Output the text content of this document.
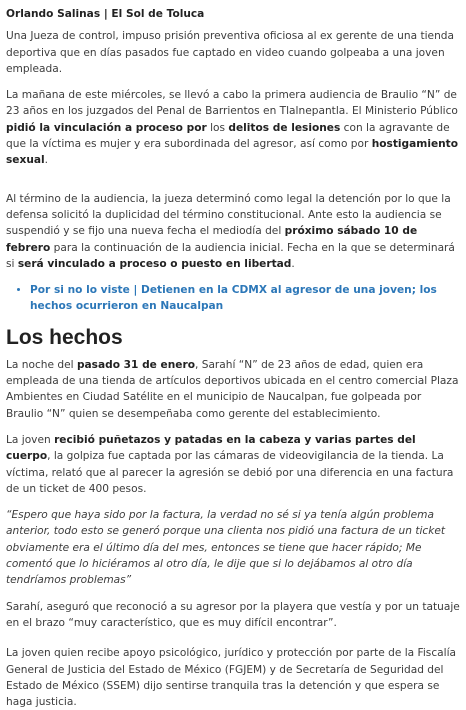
Orlando Salinas | El Sol de Toluca

Una Jueza de control, impuso prisión preventiva oficiosa al ex gerente de una tienda deportiva que en días pasados fue captado en video cuando golpeaba a una joven empleada.

La mañana de este miércoles, se llevó a cabo la primera audiencia de Braulio “N” de 23 años en los juzgados del Penal de Barrientos en Tlalnepantla. El Ministerio Público pidió la vinculación a proceso por los delitos de lesiones con la agravante de que la víctima es mujer y era subordinada del agresor, así como por hostigamiento sexual.

Al término de la audiencia, la jueza determinó como legal la detención por lo que la defensa solicitó la duplicidad del término constitucional. Ante esto la audiencia se suspendió y se fijo una nueva fecha el mediodía del próximo sábado 10 de febrero para la continuación de la audiencia inicial. Fecha en la que se determinará si será vinculado a proceso o puesto en libertad.

• Por si no lo viste | Detienen en la CDMX al agresor de una joven; los hechos ocurrieron en Naucalpan
Los hechos

La noche del pasado 31 de enero, Sarahí “N” de 23 años de edad, quien era empleada de una tienda de artículos deportivos ubicada en el centro comercial Plaza Ambientes en Ciudad Satélite en el municipio de Naucalpan, fue golpeada por Braulio “N” quien se desempeñaba como gerente del establecimiento.

La joven recibió puñetazos y patadas en la cabeza y varias partes del cuerpo, la golpiza fue captada por las cámaras de videovigilancia de la tienda. La víctima, relató que al parecer la agresión se debió por una diferencia en una factura de un ticket de 400 pesos.

“Espero que haya sido por la factura, la verdad no sé si ya tenía algún problema anterior, todo esto se generó porque una clienta nos pidió una factura de un ticket obviamente era el último día del mes, entonces se tiene que hacer rápido; Me comentó que lo hiciéramos al otro día, le dije que si lo dejábamos al otro día tendríamos problemas”

Sarahí, aseguró que reconoció a su agresor por la playera que vestía y por un tatuaje en el brazo “muy característico, que es muy difícil encontrar”.

La joven quien recibe apoyo psicológico, jurídico y protección por parte de la Fiscalía General de Justicia del Estado de México (FGJEM) y de Secretaría de Seguridad del Estado de México (SSEM) dijo sentirse tranquila tras la detención y que espera se haga justicia.
